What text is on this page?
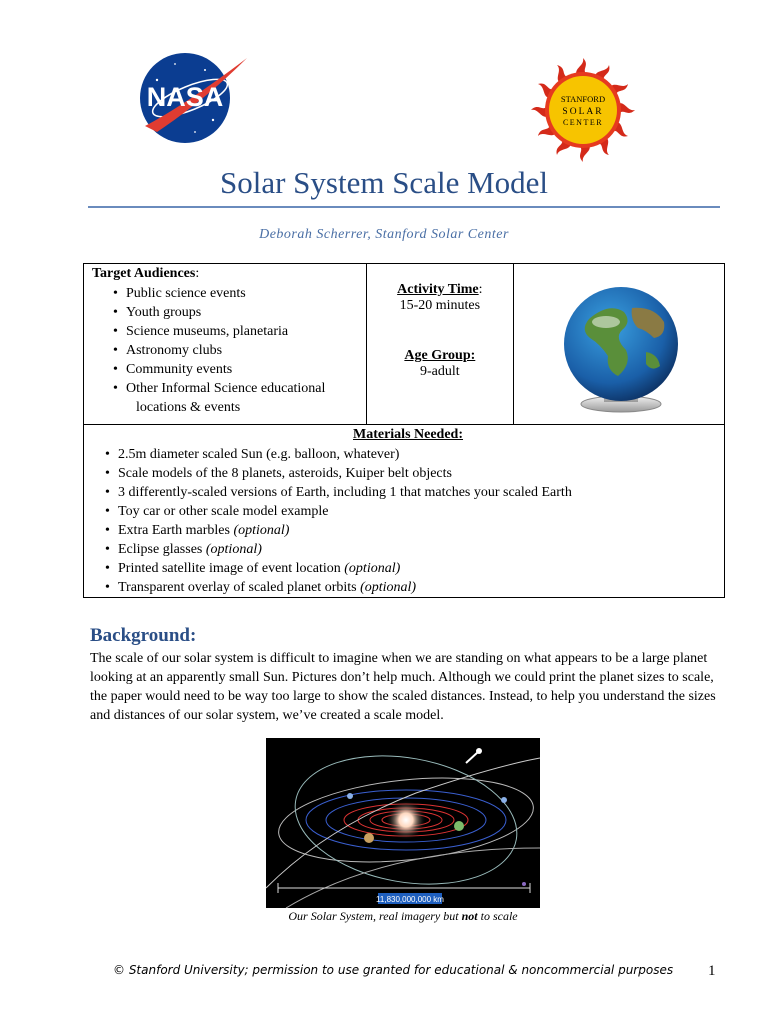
NASA	STANFORD
SOLAR
CENTER
Solar System Scale Model
Deborah Scherrer, Stanford Solar Center
Target Audiences:
• Public science events
• Youth groups
• Science museums, planetaria
• Astronomy clubs
• Community events
• Other Informal Science educational
locations & events

Activity Time:
15-20 minutes
Age Group:
9-adult

Materials Needed:
• 2.5m diameter scaled Sun (e.g. balloon, whatever)
• Scale models of the 8 planets, asteroids, Kuiper belt objects
• 3 differently-scaled versions of Earth, including 1 that matches your scaled Earth
• Toy car or other scale model example
• Extra Earth marbles (optional)
• Eclipse glasses (optional)
• Printed satellite image of event location (optional)
• Transparent overlay of scaled planet orbits (optional)
Background:
The scale of our solar system is difficult to imagine when we are standing on what appears to be a large planet looking at an apparently small Sun. Pictures don’t help much. Although we could print the planet sizes to scale, the paper would need to be way too large to show the scaled distances. Instead, to help you understand the sizes and distances of our solar system, we’ve created a scale model.
11,830,000,000 km
Our Solar System, real imagery but not to scale
© Stanford University; permission to use granted for educational & noncommercial purposes 1
